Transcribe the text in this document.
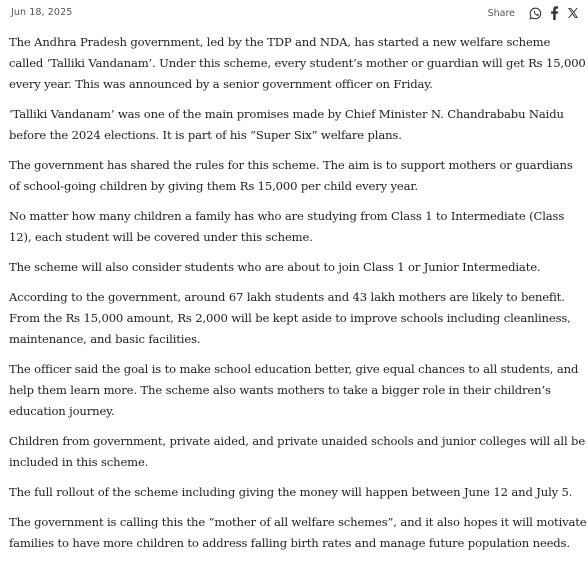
Jun 18, 2025	Share

The Andhra Pradesh government, led by the TDP and NDA, has started a new welfare scheme called ‘Talliki Vandanam’. Under this scheme, every student’s mother or guardian will get Rs 15,000 every year. This was announced by a senior government officer on Friday.

‘Talliki Vandanam’ was one of the main promises made by Chief Minister N. Chandrababu Naidu before the 2024 elections. It is part of his “Super Six” welfare plans.

The government has shared the rules for this scheme. The aim is to support mothers or guardians of school-going children by giving them Rs 15,000 per child every year.

No matter how many children a family has who are studying from Class 1 to Intermediate (Class 12), each student will be covered under this scheme.

The scheme will also consider students who are about to join Class 1 or Junior Intermediate.

According to the government, around 67 lakh students and 43 lakh mothers are likely to benefit. From the Rs 15,000 amount, Rs 2,000 will be kept aside to improve schools including cleanliness, maintenance, and basic facilities.

The officer said the goal is to make school education better, give equal chances to all students, and help them learn more. The scheme also wants mothers to take a bigger role in their children’s education journey.

Children from government, private aided, and private unaided schools and junior colleges will all be included in this scheme.

The full rollout of the scheme including giving the money will happen between June 12 and July 5.

The government is calling this the “mother of all welfare schemes”, and it also hopes it will motivate families to have more children to address falling birth rates and manage future population needs.
